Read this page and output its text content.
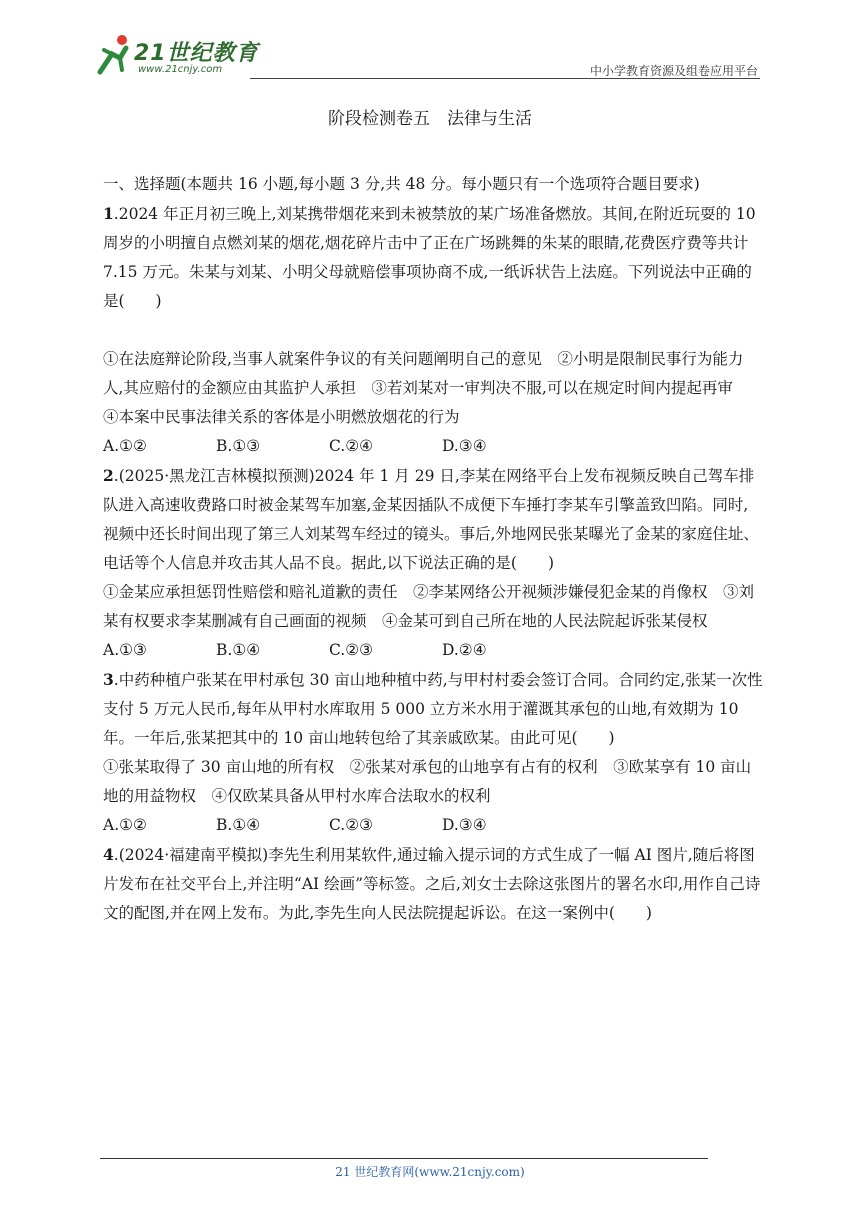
21世纪教育
www.21cnjy.com	中小学教育资源及组卷应用平台
阶段检测卷五　法律与生活

一、选择题(本题共 16 小题,每小题 3 分,共 48 分。每小题只有一个选项符合题目要求)

1.2024 年正月初三晚上,刘某携带烟花来到未被禁放的某广场准备燃放。其间,在附近玩耍的 10 周岁的小明擅自点燃刘某的烟花,烟花碎片击中了正在广场跳舞的朱某的眼睛,花费医疗费等共计 7.15 万元。朱某与刘某、小明父母就赔偿事项协商不成,一纸诉状告上法庭。下列说法中正确的是(　　)

①在法庭辩论阶段,当事人就案件争议的有关问题阐明自己的意见　②小明是限制民事行为能力人,其应赔付的金额应由其监护人承担　③若刘某对一审判决不服,可以在规定时间内提起再审

④本案中民事法律关系的客体是小明燃放烟花的行为

A.①②	B.①③	C.②④	D.③④

2.(2025·黑龙江吉林模拟预测)2024 年 1 月 29 日,李某在网络平台上发布视频反映自己驾车排队进入高速收费路口时被金某驾车加塞,金某因插队不成便下车捶打李某车引擎盖致凹陷。同时,视频中还长时间出现了第三人刘某驾车经过的镜头。事后,外地网民张某曝光了金某的家庭住址、电话等个人信息并攻击其人品不良。据此,以下说法正确的是(　　)

①金某应承担惩罚性赔偿和赔礼道歉的责任　②李某网络公开视频涉嫌侵犯金某的肖像权　③刘某有权要求李某删减有自己画面的视频　④金某可到自己所在地的人民法院起诉张某侵权

A.①③	B.①④	C.②③	D.②④

3.中药种植户张某在甲村承包 30 亩山地种植中药,与甲村村委会签订合同。合同约定,张某一次性支付 5 万元人民币,每年从甲村水库取用 5 000 立方米水用于灌溉其承包的山地,有效期为 10 年。一年后,张某把其中的 10 亩山地转包给了其亲戚欧某。由此可见(　　)

①张某取得了 30 亩山地的所有权　②张某对承包的山地享有占有的权利　③欧某享有 10 亩山地的用益物权　④仅欧某具备从甲村水库合法取水的权利

A.①②	B.①④	C.②③	D.③④

4.(2024·福建南平模拟)李先生利用某软件,通过输入提示词的方式生成了一幅 AI 图片,随后将图片发布在社交平台上,并注明“AI 绘画”等标签。之后,刘女士去除这张图片的署名水印,用作自己诗文的配图,并在网上发布。为此,李先生向人民法院提起诉讼。在这一案例中(　　)

21 世纪教育网(www.21cnjy.com)
